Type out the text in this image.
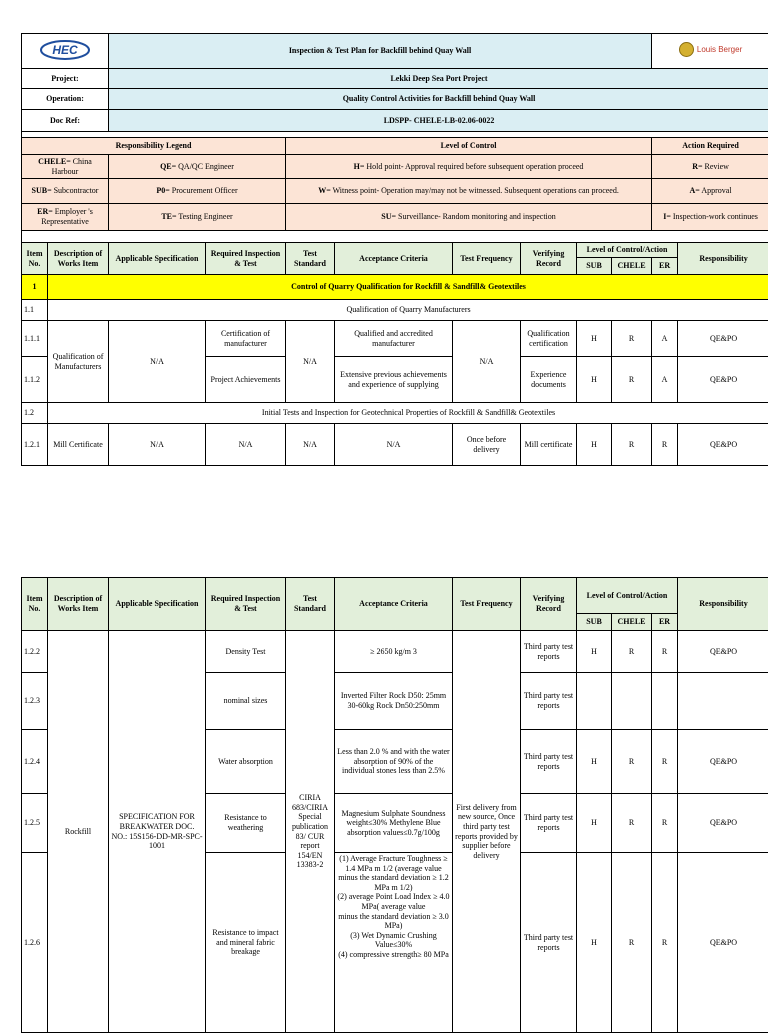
HEC		Inspection & Test Plan for Backfill behind Quay Wall								Louis Berger	

Project:		Lekki Deep Sea Port Project									
Operation:		Quality Control Activities for Backfill behind Quay Wall									
Doc Ref:		LDSPP- CHELE-LB-02.06-0022									

Responsibility Legend				Level of Control						Action Required	
CHELE= China Harbour		QE= QA/QC Engineer		H= Hold point- Approval required before subsequent operation proceed						R= Review	
SUB= Subcontractor		P0= Procurement Officer		W= Witness point- Operation may/may not be witnessed. Subsequent operations can proceed.						A= Approval	
ER= Employer 's Representative		TE= Testing Engineer		SU= Surveillance- Random monitoring and inspection						I= Inspection-work continues	

Item No.	Description of Works Item	Applicable Specification	Required Inspection & Test	Test Standard	Acceptance Criteria	Test Frequency	Verifying Record	Level of Control/Action			Responsibility
								SUB	CHELE	ER	
1	Control of Quarry Qualification for Rockfill & Sandfill& Geotextiles										
1.1	Qualification of Quarry Manufacturers										
1.1.1	Qualification of Manufacturers	N/A	Certification of manufacturer	N/A	Qualified and accredited manufacturer	N/A	Qualification certification	H	R	A	QE&PO
1.1.2			Project Achievements		Extensive previous achievements and experience of supplying		Experience documents	H	R	A	QE&PO
1.2	Initial Tests and Inspection for Geotechnical Properties of Rockfill & Sandfill& Geotextiles										
1.2.1	Mill Certificate	N/A	N/A	N/A	N/A	Once before delivery	Mill certificate	H	R	R	QE&PO
Item No.	Description of Works Item	Applicable Specification	Required Inspection & Test	Test Standard	Acceptance Criteria	Test Frequency	Verifying Record	Level of Control/Action			Responsibility
								SUB	CHELE	ER	
1.2.2	Rockfill	SPECIFICATION FOR BREAKWATER DOC. NO.: 15S156-DD-MR-SPC-1001	Density Test	CIRIA 683/CIRIA Special publication 83/ CUR report 154/EN 13383-2	≥ 2650 kg/m 3	First delivery from new source, Once third party test reports provided by supplier before delivery	Third party test reports	H	R	R	QE&PO
1.2.3			nominal sizes		Inverted Filter Rock D50: 25mm
30-60kg Rock Dn50:250mm		Third party test reports				
1.2.4			Water absorption		Less than 2.0 % and with the water absorption of 90% of the individual stones less than 2.5%		Third party test reports	H	R	R	QE&PO
1.2.5			Resistance to weathering		Magnesium Sulphate Soundness weight≤30% Methylene Blue absorption values≤0.7g/100g		Third party test reports	H	R	R	QE&PO
1.2.6			Resistance to impact and mineral fabric breakage		(1) Average Fracture Toughness ≥ 1.4 MPa m 1/2 (average value minus the standard deviation ≥ 1.2 MPa m 1/2)
(2) average Point Load Index ≥ 4.0 MPa( average value
minus the standard deviation ≥ 3.0 MPa)
(3) Wet Dynamic Crushing Value≤30%
(4) compressive strength≥ 80 MPa		Third party test reports	H	R	R	QE&PO
